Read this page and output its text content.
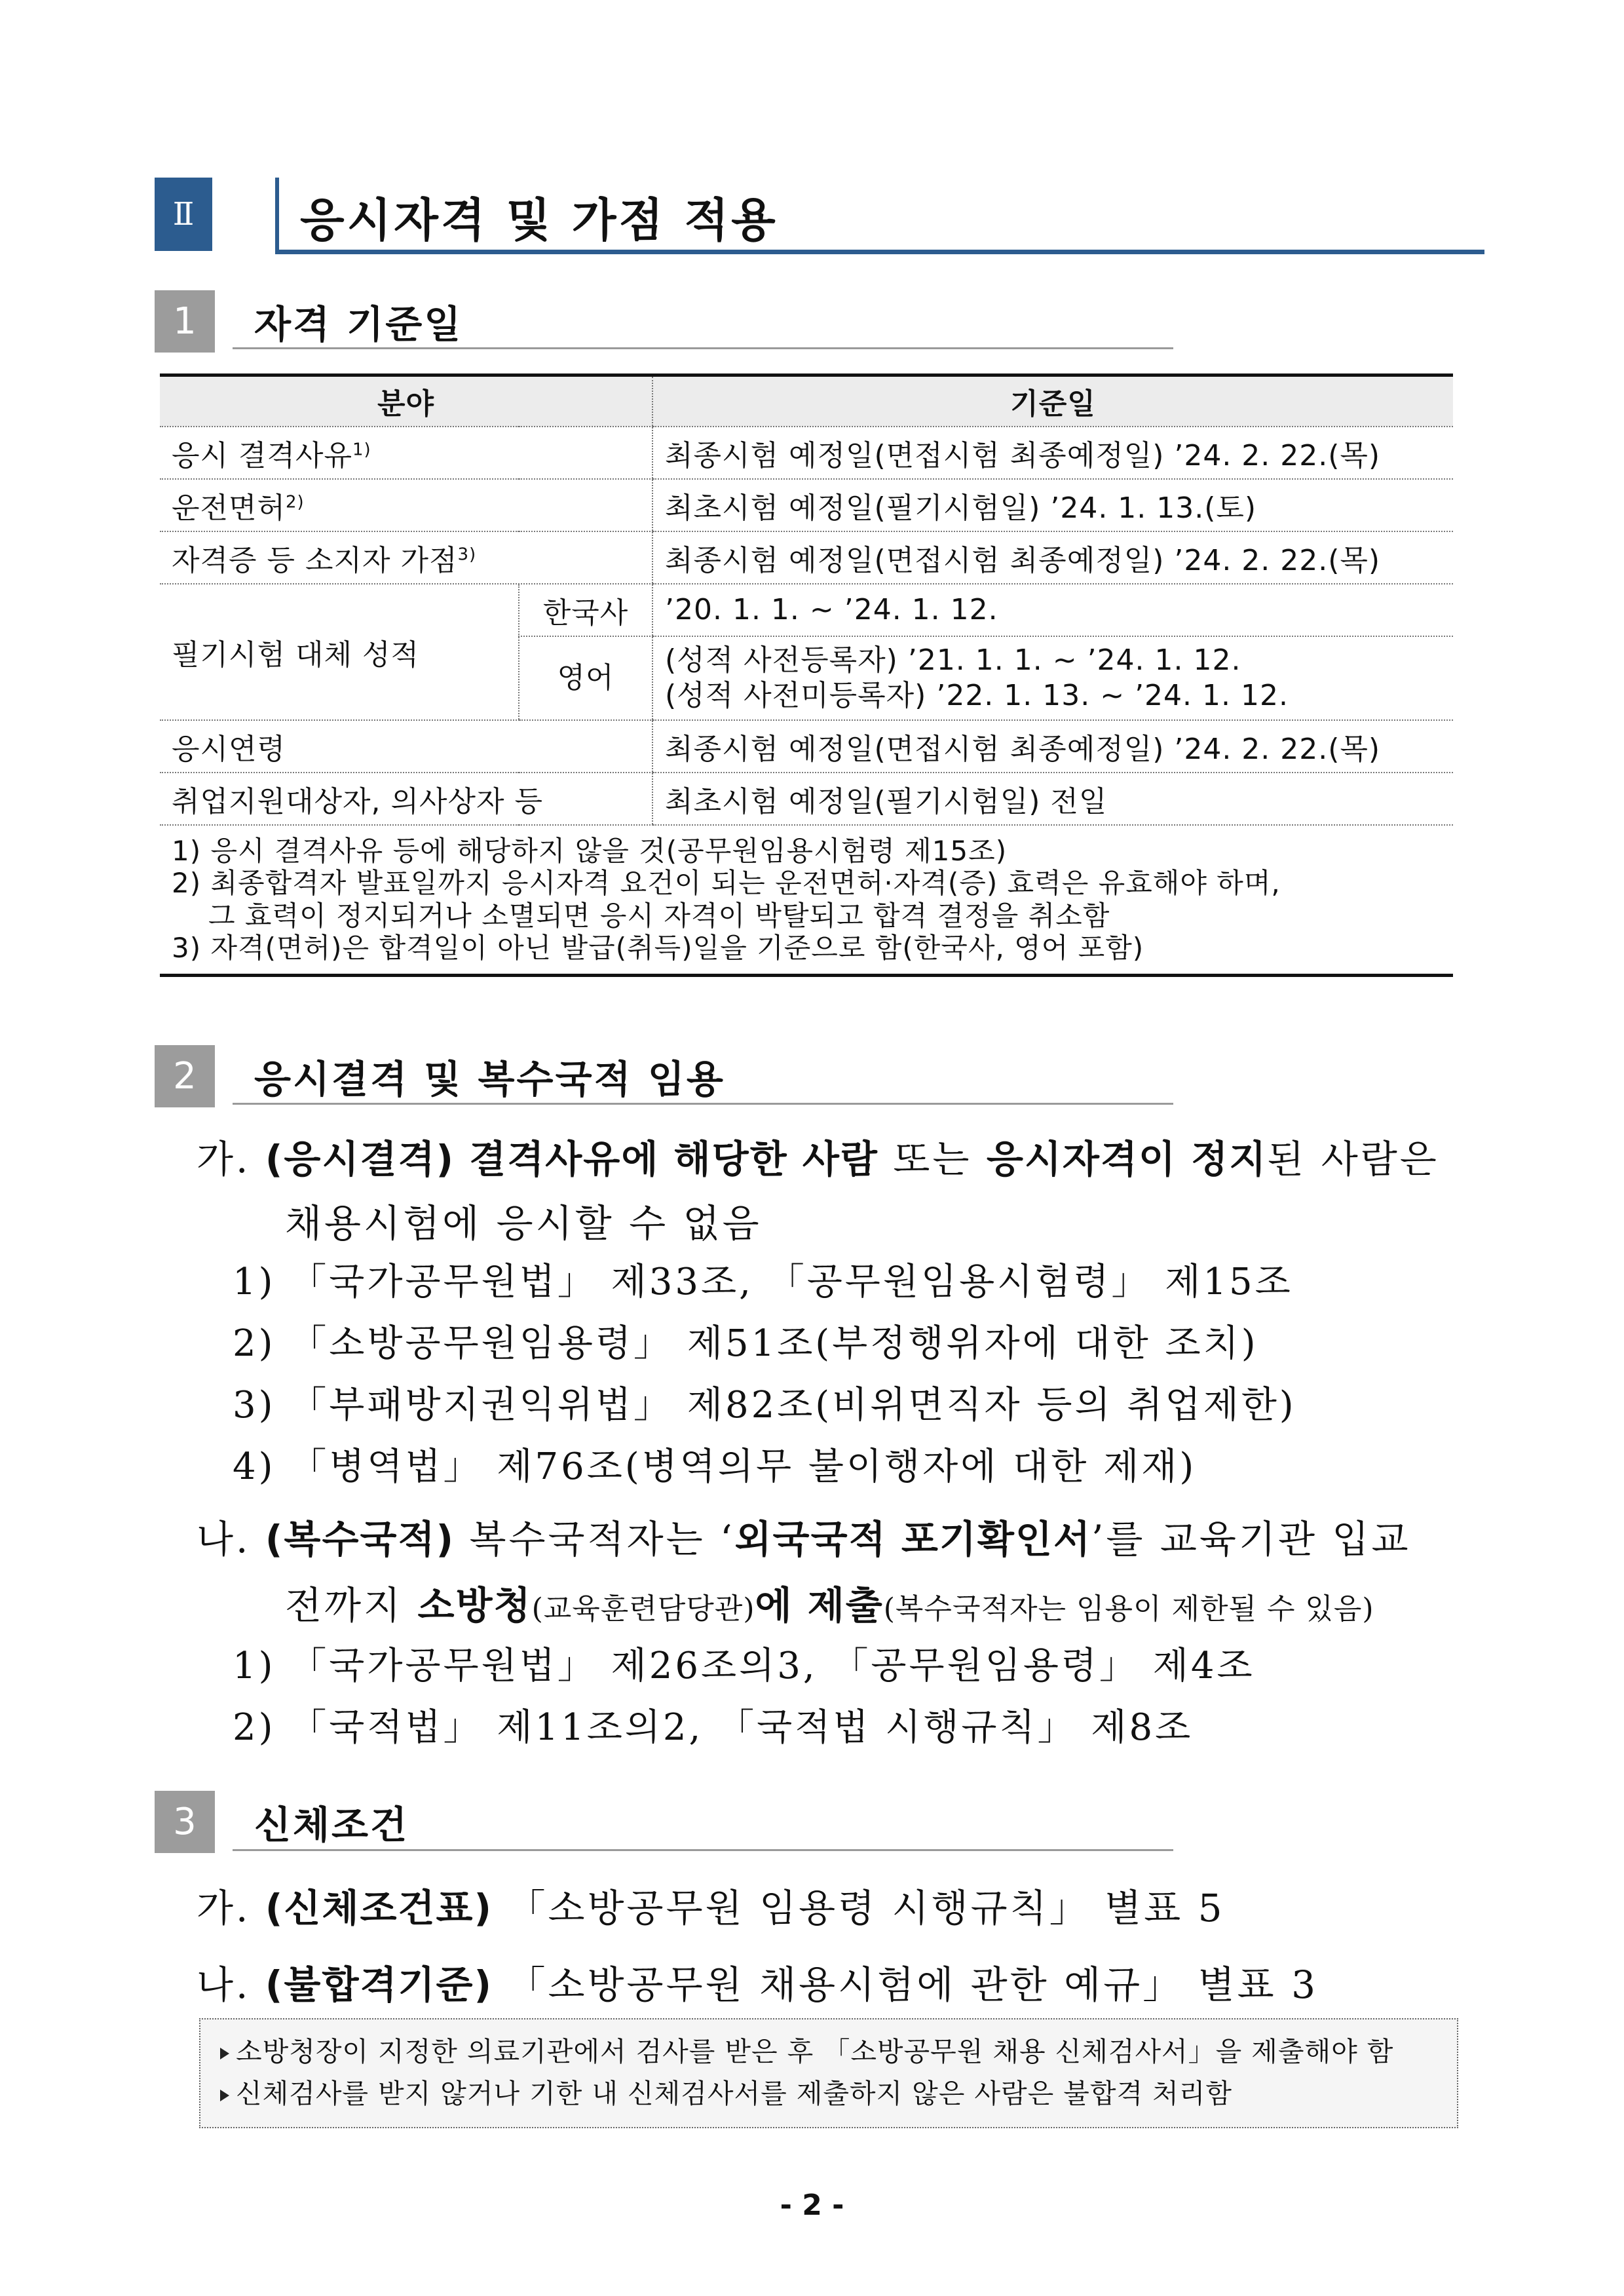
Ⅱ	응시자격 및 가점 적용
1	자격 기준일
분야		기준일
응시 결격사유$^{1)}$		최종시험 예정일(면접시험 최종예정일) ’24. 2. 22.(목)
운전면허$^{2)}$		최초시험 예정일(필기시험일) ’24. 1. 13.(토)
자격증 등 소지자 가점$^{3)}$		최종시험 예정일(면접시험 최종예정일) ’24. 2. 22.(목)
필기시험 대체 성적	한국사	’20. 1. 1. ~ ’24. 1. 12.
	영어	(성적 사전등록자) ’21. 1. 1. ~ ’24. 1. 12.
(성적 사전미등록자) ’22. 1. 13. ~ ’24. 1. 12.

응시연령		최종시험 예정일(면접시험 최종예정일) ’24. 2. 22.(목)
취업지원대상자, 의사상자 등		최초시험 예정일(필기시험일) 전일

1) 응시 결격사유 등에 해당하지 않을 것(공무원임용시험령 제15조)
2) 최종합격자 발표일까지 응시자격 요건이 되는 운전면허·자격(증) 효력은 유효해야 하며,
그 효력이 정지되거나 소멸되면 응시 자격이 박탈되고 합격 결정을 취소함
3) 자격(면허)은 합격일이 아닌 발급(취득)일을 기준으로 함(한국사, 영어 포함)		
2	응시결격 및 복수국적 임용
가. (응시결격) 결격사유에 해당한 사람 또는 응시자격이 정지된 사람은
채용시험에 응시할 수 없음
1) 「국가공무원법」 제33조, 「공무원임용시험령」 제15조
2) 「소방공무원임용령」 제51조(부정행위자에 대한 조치)
3) 「부패방지권익위법」 제82조(비위면직자 등의 취업제한)
4) 「병역법」 제76조(병역의무 불이행자에 대한 제재)
나. (복수국적) 복수국적자는 ‘외국국적 포기확인서’를 교육기관 입교
전까지 소방청(교육훈련담당관)에 제출(복수국적자는 임용이 제한될 수 있음)
1) 「국가공무원법」 제26조의3, 「공무원임용령」 제4조
2) 「국적법」 제11조의2, 「국적법 시행규칙」 제8조
3	신체조건
가. (신체조건표) 「소방공무원 임용령 시행규칙」 별표 5
나. (불합격기준) 「소방공무원 채용시험에 관한 예규」 별표 3
소방청장이 지정한 의료기관에서 검사를 받은 후 「소방공무원 채용 신체검사서」을 제출해야 함
신체검사를 받지 않거나 기한 내 신체검사서를 제출하지 않은 사람은 불합격 처리함
- 2 -
